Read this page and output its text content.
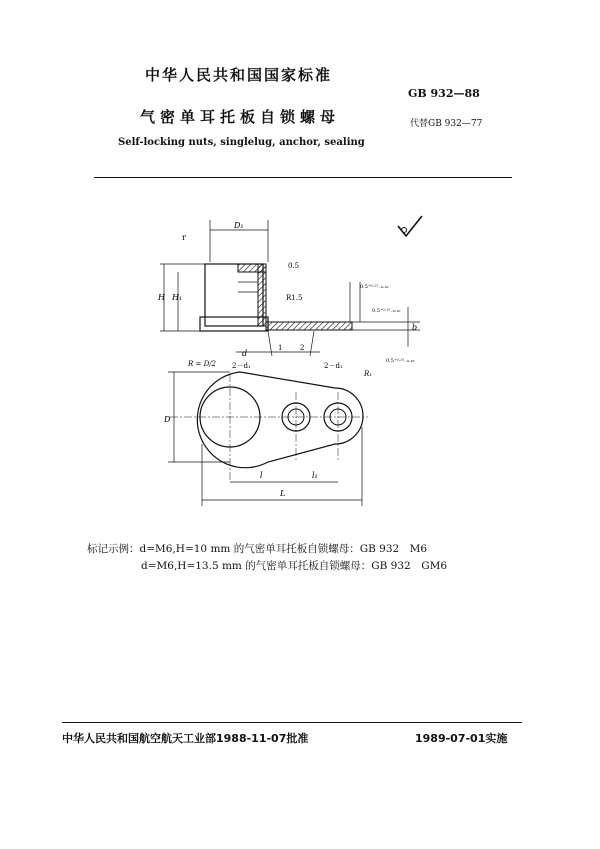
中华人民共和国国家标准
GB 932—88
气密单耳托板自锁螺母	代替GB 932—77
Self-locking nuts, singlelug, anchor, sealing
r
D₁
H H₁
0.5
R1.5
0.5⁺⁰·¹⁵₋₀.₁₀
0.5⁺⁰·¹⁵₋₀.₁₀
0.5⁺⁰·¹⁵₋₀.₁₀
b
d
1	2
R = D/2 2－d₁	2－d₁
R₁
D
l	l₁
L
标记示例：d=M6,H=10 mm 的气密单耳托板自锁螺母：GB 932　M6
d=M6,H=13.5 mm 的气密单耳托板自锁螺母：GB 932　GM6
中华人民共和国航空航天工业部1988-11-07批准	1989-07-01实施
